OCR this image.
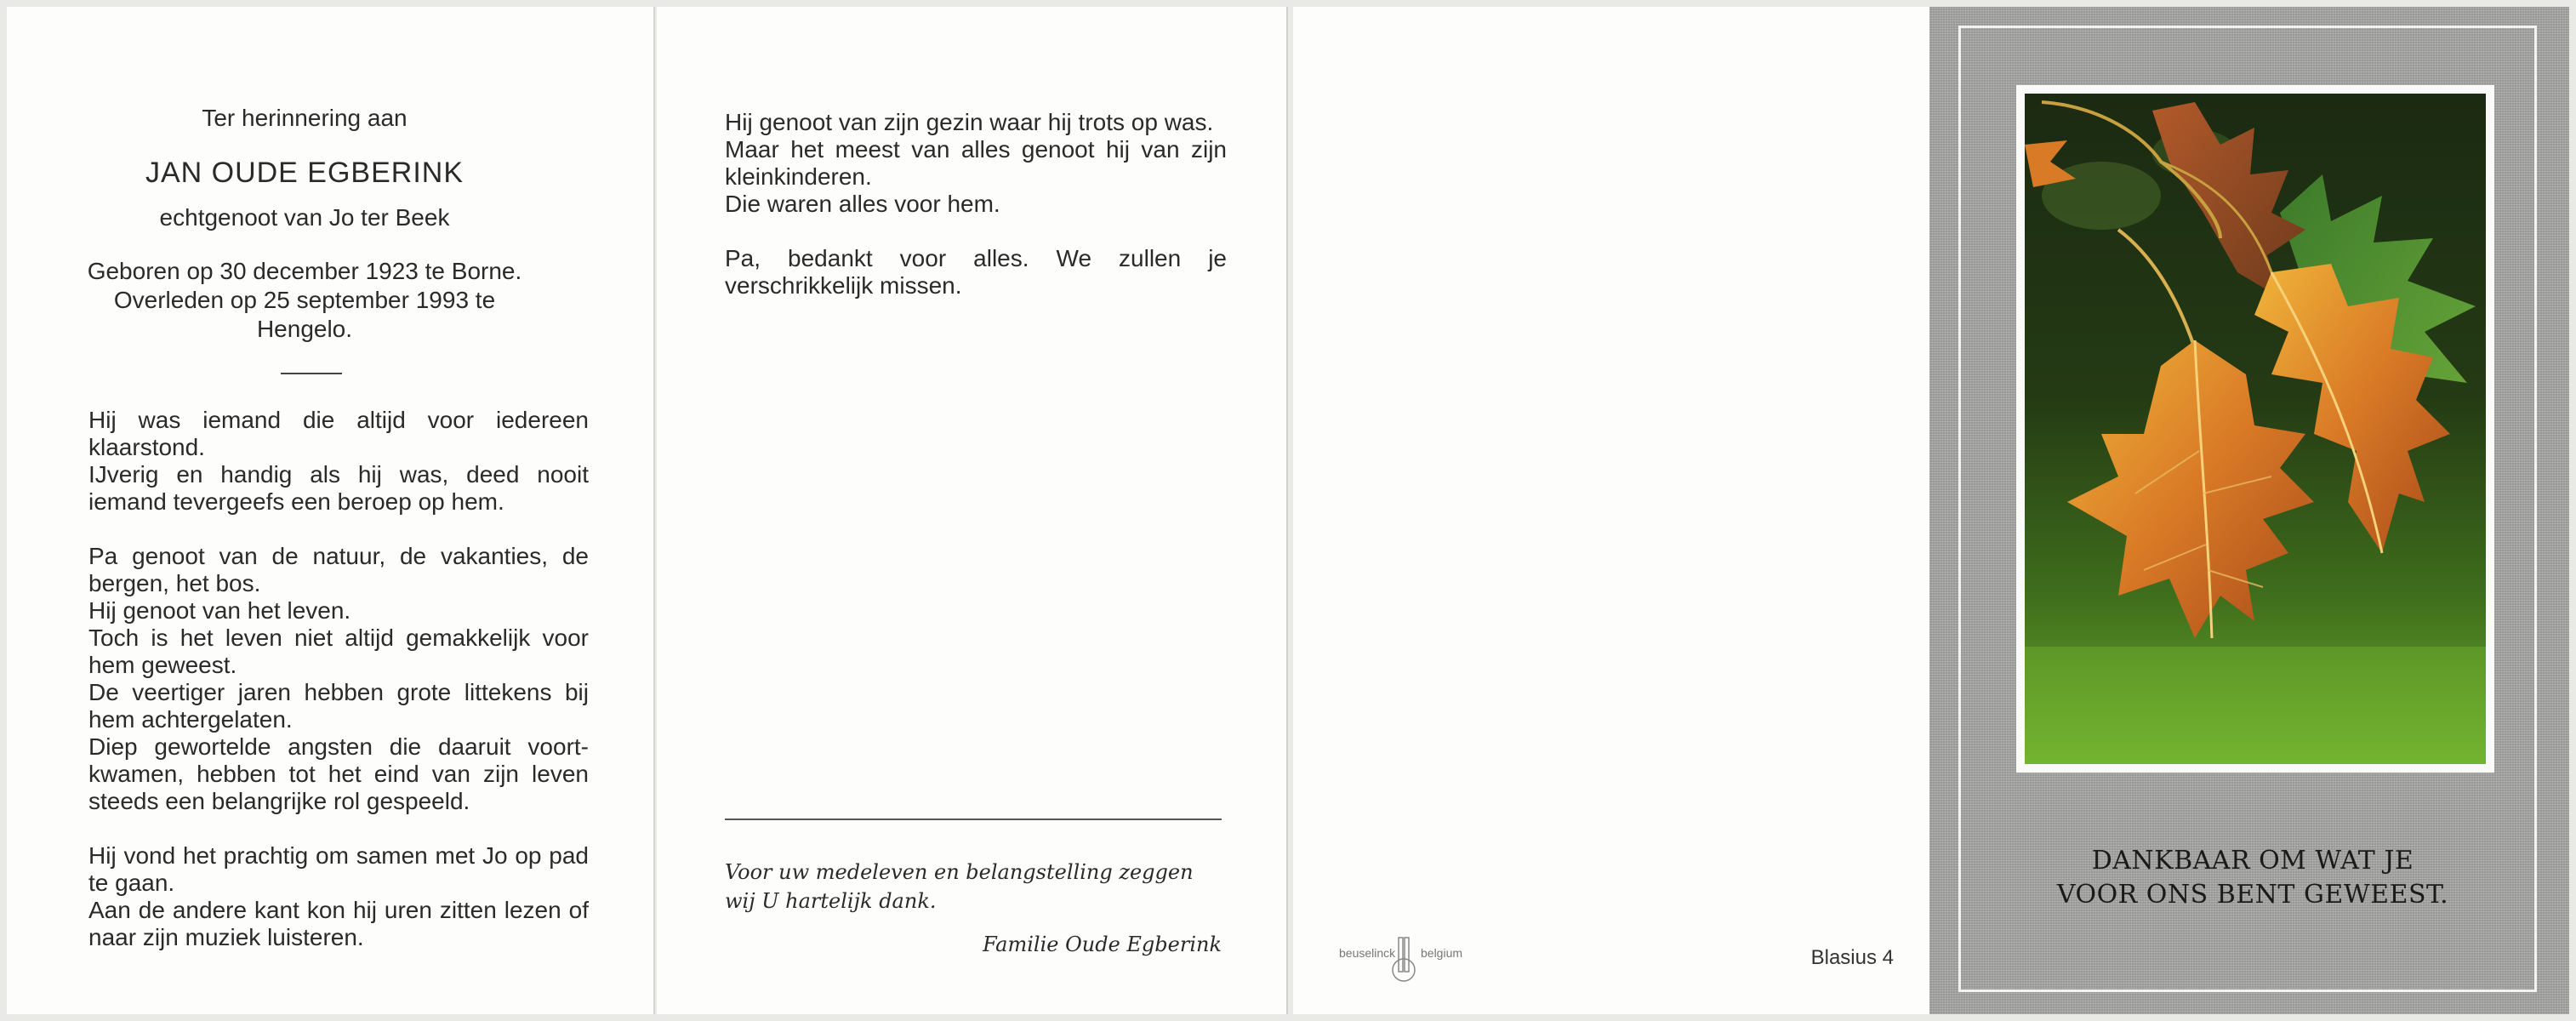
Ter herinnering aan
JAN OUDE EGBERINK
echtgenoot van Jo ter Beek
Geboren op 30 december 1923 te Borne.
Overleden op 25 september 1993 te
Hengelo.

Hij was iemand die altijd voor iedereen klaarstond.

IJverig en handig als hij was, deed nooit iemand tevergeefs een beroep op hem.

Pa genoot van de natuur, de vakanties, de bergen, het bos.

Hij genoot van het leven.

Toch is het leven niet altijd gemakkelijk voor hem geweest.

De veertiger jaren hebben grote littekens bij hem achtergelaten.

Diep gewortelde angsten die daaruit voort-kwamen, hebben tot het eind van zijn leven steeds een belangrijke rol gespeeld.

Hij vond het prachtig om samen met Jo op pad te gaan.

Aan de andere kant kon hij uren zitten lezen of naar zijn muziek luisteren.

Hij genoot van zijn gezin waar hij trots op was.

Maar het meest van alles genoot hij van zijn kleinkinderen.

Die waren alles voor hem.

Pa, bedankt voor alles. We zullen je verschrikkelijk missen.

Voor uw medeleven en belangstelling zeggen wij U hartelijk dank.
Familie Oude Egberink	beuselinck belgium	Blasius 4
DANKBAAR OM WAT JE
VOOR ONS BENT GEWEEST.
